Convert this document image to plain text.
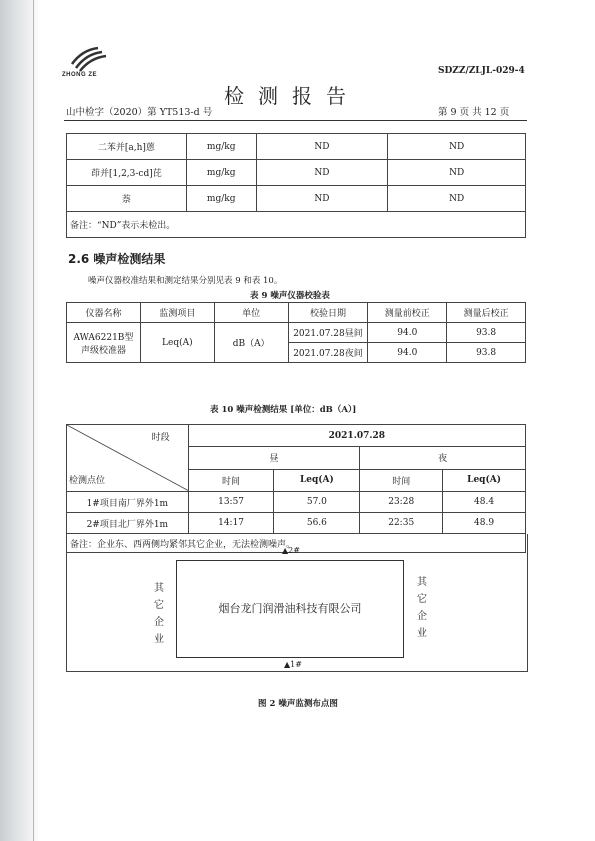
ZHONG ZE	SDZZ/ZLJL-029-4
检测报告
山中检字（2020）第 YT513-d 号	第 9 页 共 12 页
二苯并[a,h]蒽	mg/kg	ND	ND
茚并[1,2,3-cd]芘	mg/kg	ND	ND
萘	mg/kg	ND	ND
备注：“ND”表示未检出。			
2.6 噪声检测结果
噪声仪器校准结果和测定结果分别见表 9 和表 10。
表 9 噪声仪器校验表
仪器名称	监测项目	单位	校验日期	测量前校正	测量后校正

AWA6221B型
声级校准器	Leq(A)	dB（A）	2021.07.28昼间	94.0	93.8
			2021.07.28夜间	94.0	93.8
表 10 噪声检测结果 [单位：dB（A）]
时段
检测点位	2021.07.28			
	昼		夜	
	时间	Leq(A)	时间	Leq(A)
1#项目南厂界外1m	13:57	57.0	23:28	48.4
2#项目北厂界外1m	14:17	56.6	22:35	48.9
备注：企业东、西两侧均紧邻其它企业，无法检测噪声。				
▲2#
烟台龙门润滑油科技有限公司
▲1#
其它企业
其它企业
图 2 噪声监测布点图
